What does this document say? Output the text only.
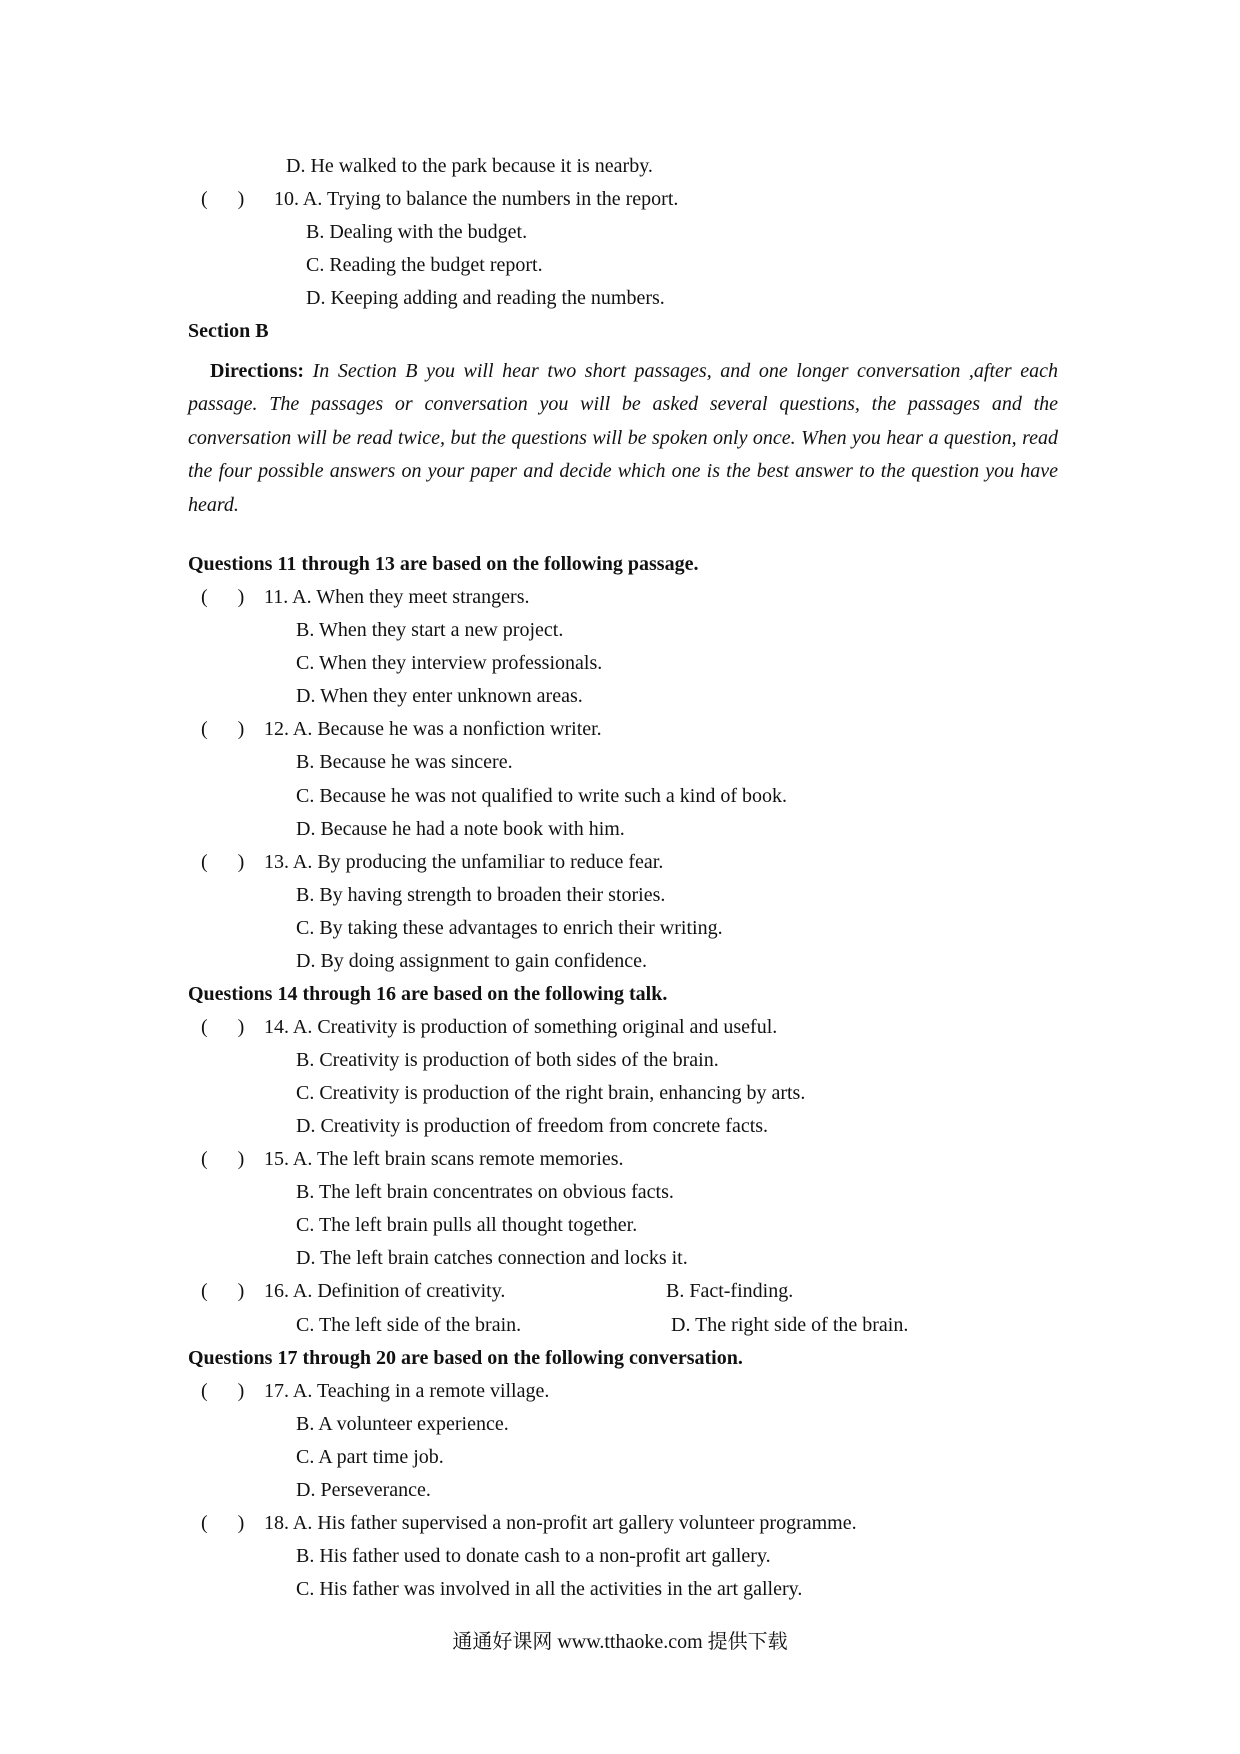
D. He walked to the park because it is nearby.
(      ) 10. A. Trying to balance the numbers in the report.
B. Dealing with the budget.
C. Reading the budget report.
D. Keeping adding and reading the numbers.
Section B
Directions: In Section B you will hear two short passages, and one longer conversation ,after each passage. The passages or conversation you will be asked several questions, the passages and the conversation will be read twice, but the questions will be spoken only once. When you hear a question, read the four possible answers on your paper and decide which one is the best answer to the question you have heard.
Questions 11 through 13 are based on the following passage.
(      ) 11. A. When they meet strangers.
B. When they start a new project.
C. When they interview professionals.
D. When they enter unknown areas.
(      ) 12. A. Because he was a nonfiction writer.
B. Because he was sincere.
C. Because he was not qualified to write such a kind of book.
D. Because he had a note book with him.
(      ) 13. A. By producing the unfamiliar to reduce fear.
B. By having strength to broaden their stories.
C. By taking these advantages to enrich their writing.
D. By doing assignment to gain confidence.
Questions 14 through 16 are based on the following talk.
(      ) 14. A. Creativity is production of something original and useful.
B. Creativity is production of both sides of the brain.
C. Creativity is production of the right brain, enhancing by arts.
D. Creativity is production of freedom from concrete facts.
(      ) 15. A. The left brain scans remote memories.
B. The left brain concentrates on obvious facts.
C. The left brain pulls all thought together.
D. The left brain catches connection and locks it.
(      ) 16. A. Definition of creativity.	B. Fact-finding.
C. The left side of the brain.	D. The right side of the brain.
Questions 17 through 20 are based on the following conversation.
(      ) 17. A. Teaching in a remote village.
B. A volunteer experience.
C. A part time job.
D. Perseverance.
(      ) 18. A. His father supervised a non-profit art gallery volunteer programme.
B. His father used to donate cash to a non-profit art gallery.
C. His father was involved in all the activities in the art gallery.
通通好课网 www.tthaoke.com 提供下载
